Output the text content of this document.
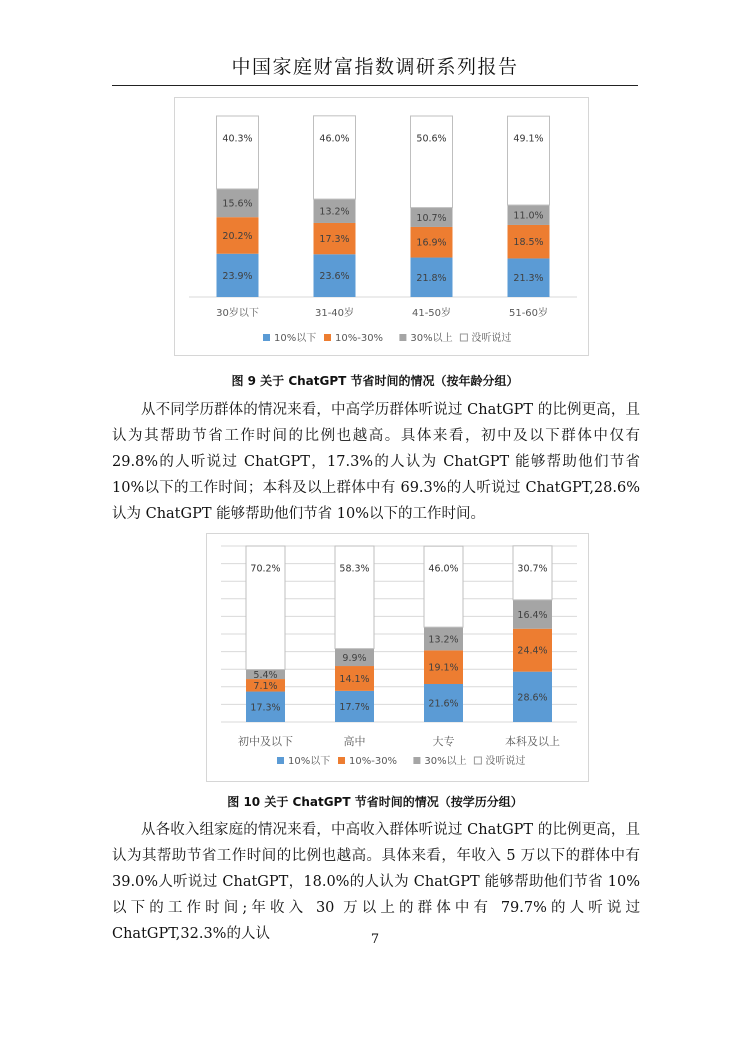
中国家庭财富指数调研系列报告
23.9%
20.2%
15.6%
40.3%
30岁以下
23.6%
17.3%
13.2%
46.0%
31-40岁
21.8%
16.9%
10.7%
50.6%
41-50岁
21.3%
18.5%
11.0%
49.1%
51-60岁
10%以下 10%-30%	30%以上 没听说过
图 9 关于 ChatGPT 节省时间的情况（按年龄分组）

从不同学历群体的情况来看，中高学历群体听说过 ChatGPT 的比例更高，且认为其帮助节省工作时间的比例也越高。具体来看，初中及以下群体中仅有 29.8%的人听说过 ChatGPT，17.3%的人认为 ChatGPT 能够帮助他们节省 10%以下的工作时间；本科及以上群体中有 69.3%的人听说过 ChatGPT,28.6%认为 ChatGPT 能够帮助他们节省 10%以下的工作时间。

17.3%
7.1%
5.4%
70.2%
初中及以下
17.7%
14.1%
9.9%
58.3%
高中
21.6%
19.1%
13.2%
46.0%
大专
28.6%
24.4%
16.4%
30.7%
本科及以上
10%以下 10%-30%	30%以上 没听说过
图 10 关于 ChatGPT 节省时间的情况（按学历分组）

从各收入组家庭的情况来看，中高收入群体听说过 ChatGPT 的比例更高，且认为其帮助节省工作时间的比例也越高。具体来看，年收入 5 万以下的群体中有39.0%人听说过 ChatGPT，18.0%的人认为 ChatGPT 能够帮助他们节省 10%以下的工作时间;年收入 30 万以上的群体中有 79.7%的人听说过 ChatGPT,32.3%的人认	7
